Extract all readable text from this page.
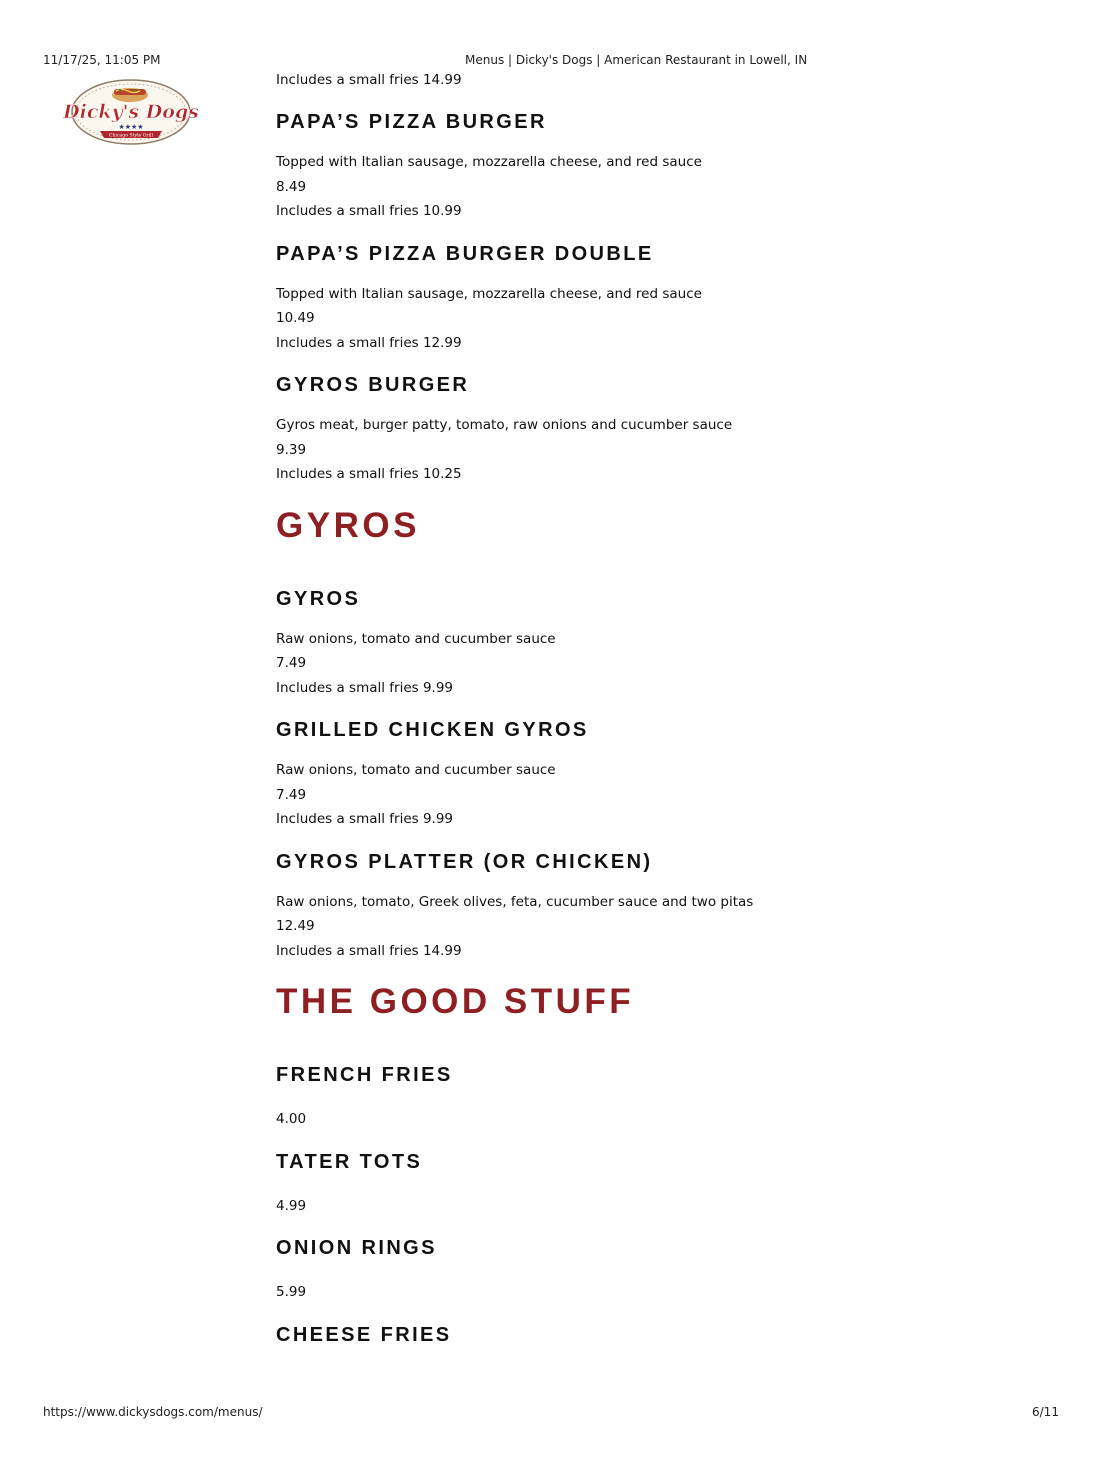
11/17/25, 11:05 PM	Menus | Dicky's Dogs | American Restaurant in Lowell, IN
Dicky's Dogs
★★★★
Chicago Style Grill

Includes a small fries 14.99

PAPA’S PIZZA BURGER

Topped with Italian sausage, mozzarella cheese, and red sauce

8.49

Includes a small fries 10.99

PAPA’S PIZZA BURGER DOUBLE

Topped with Italian sausage, mozzarella cheese, and red sauce

10.49

Includes a small fries 12.99

GYROS BURGER

Gyros meat, burger patty, tomato, raw onions and cucumber sauce

9.39

Includes a small fries 10.25

GYROS
GYROS

Raw onions, tomato and cucumber sauce

7.49

Includes a small fries 9.99

GRILLED CHICKEN GYROS

Raw onions, tomato and cucumber sauce

7.49

Includes a small fries 9.99

GYROS PLATTER (OR CHICKEN)

Raw onions, tomato, Greek olives, feta, cucumber sauce and two pitas

12.49

Includes a small fries 14.99

THE GOOD STUFF
FRENCH FRIES

4.00

TATER TOTS

4.99

ONION RINGS

5.99

CHEESE FRIES
https://www.dickysdogs.com/menus/	6/11
